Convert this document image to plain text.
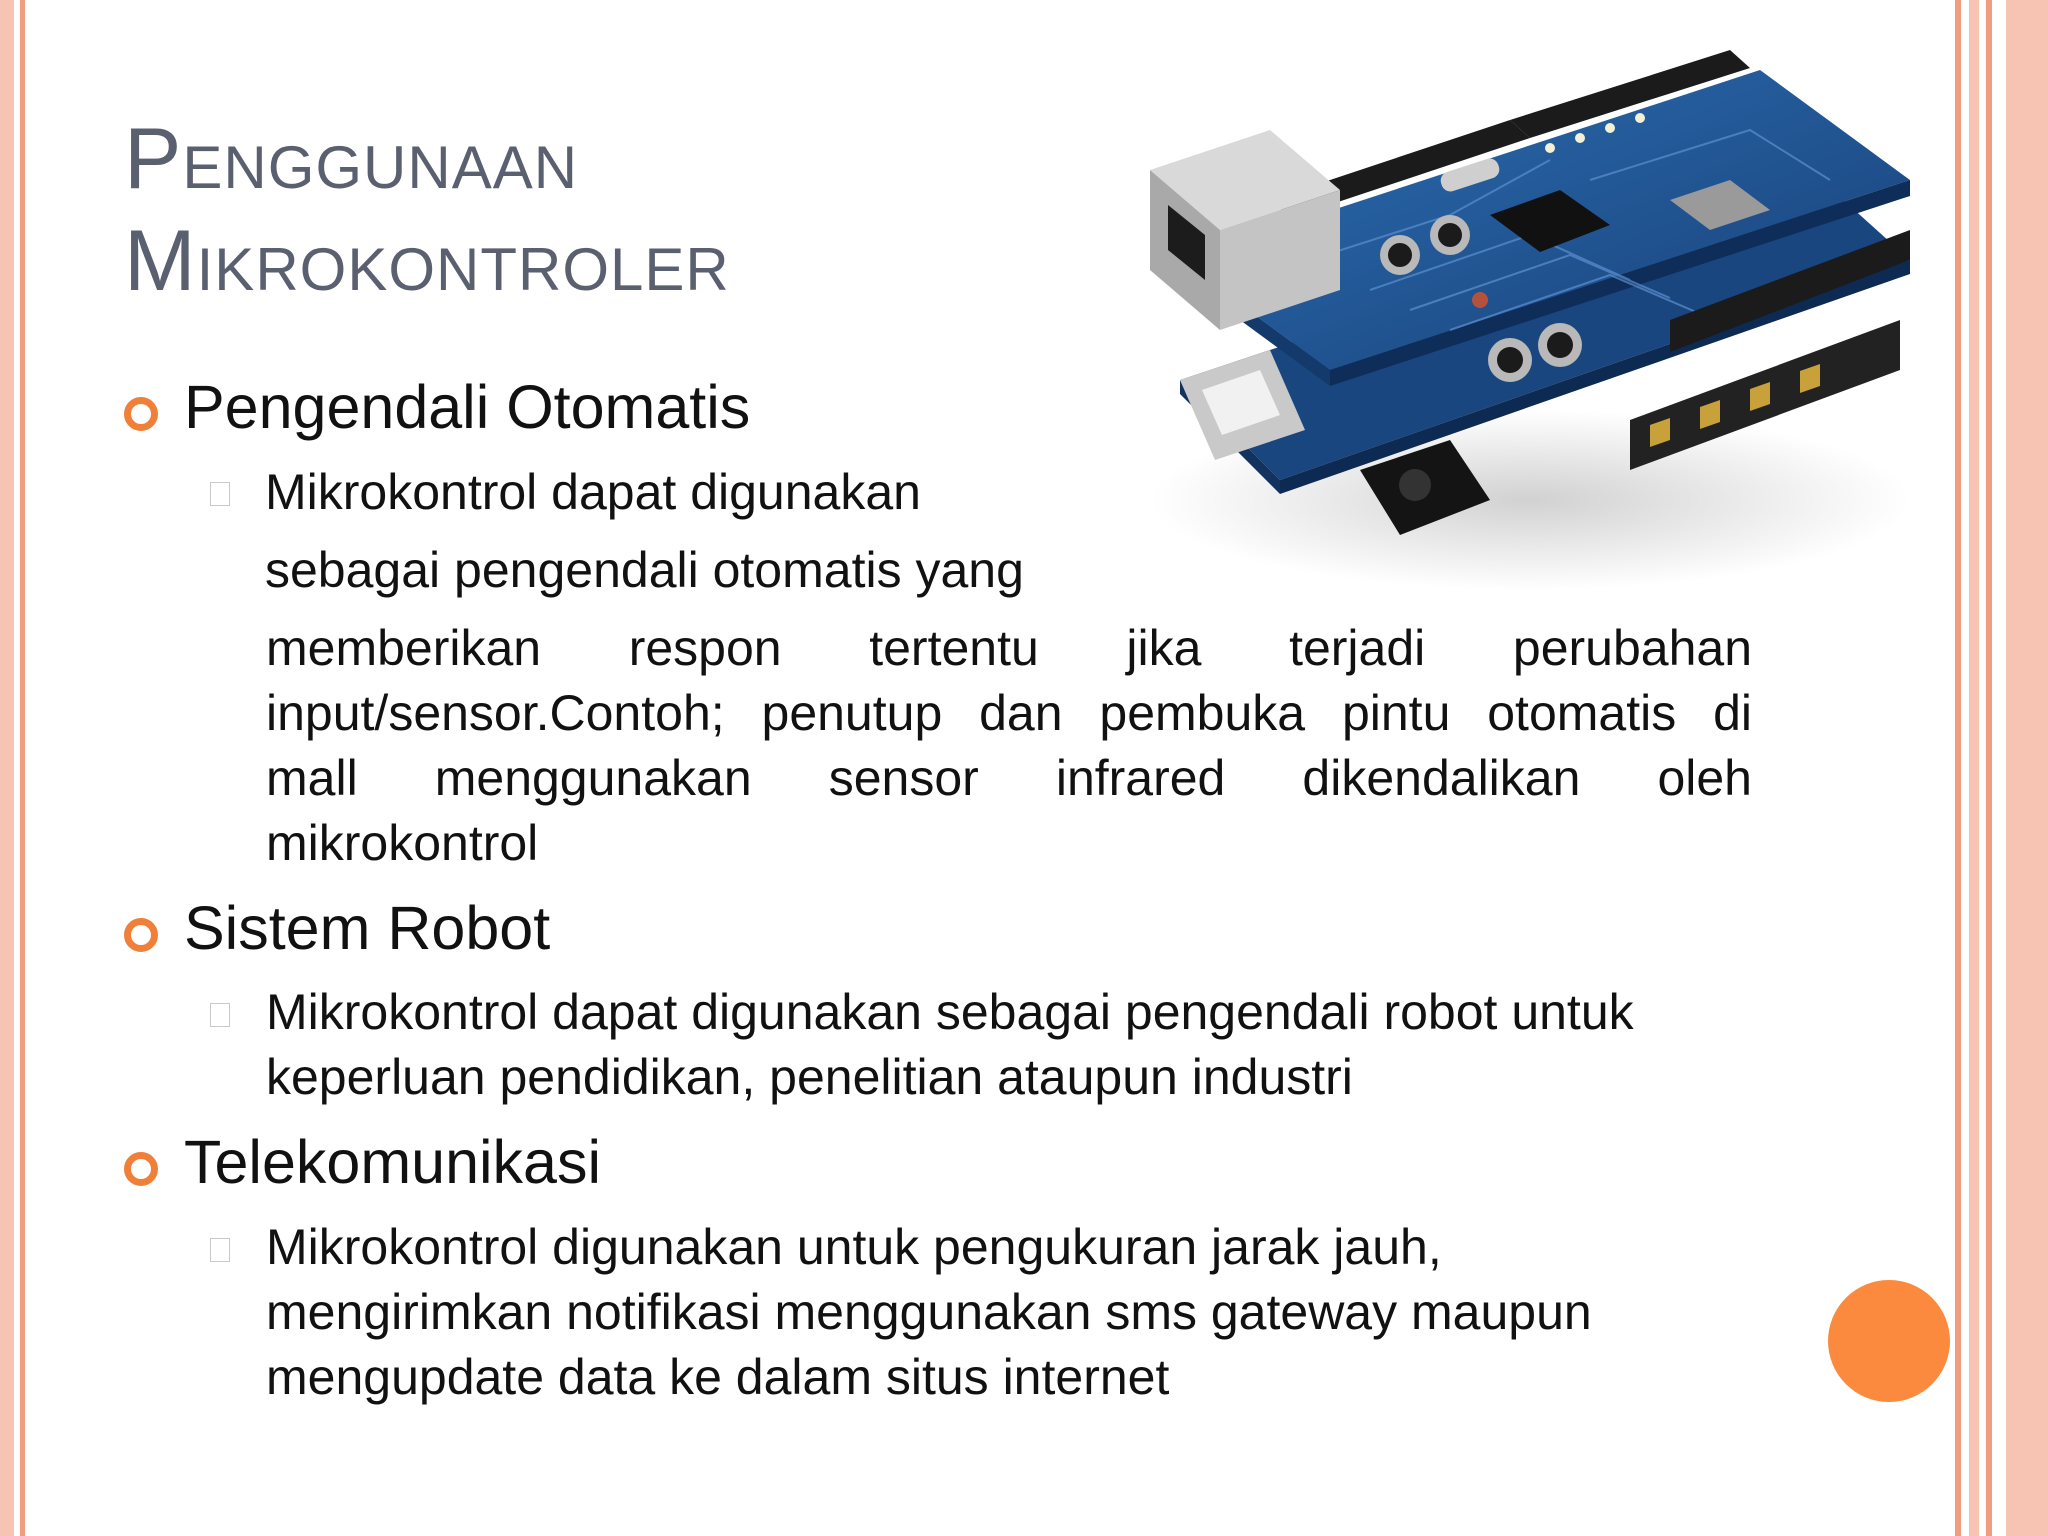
Penggunaan
Mikrokontroler
Pengendali Otomatis
Mikrokontrol dapat digunakan
sebagai pengendali otomatis yang
memberikan respon tertentu jika terjadi perubahan
input/sensor.Contoh; penutup dan pembuka pintu otomatis di
mall menggunakan sensor infrared dikendalikan oleh
mikrokontrol
Sistem Robot
Mikrokontrol dapat digunakan sebagai pengendali robot untuk
keperluan pendidikan, penelitian ataupun industri
Telekomunikasi
Mikrokontrol digunakan untuk pengukuran jarak jauh,
mengirimkan notifikasi menggunakan sms gateway maupun
mengupdate data ke dalam situs internet
